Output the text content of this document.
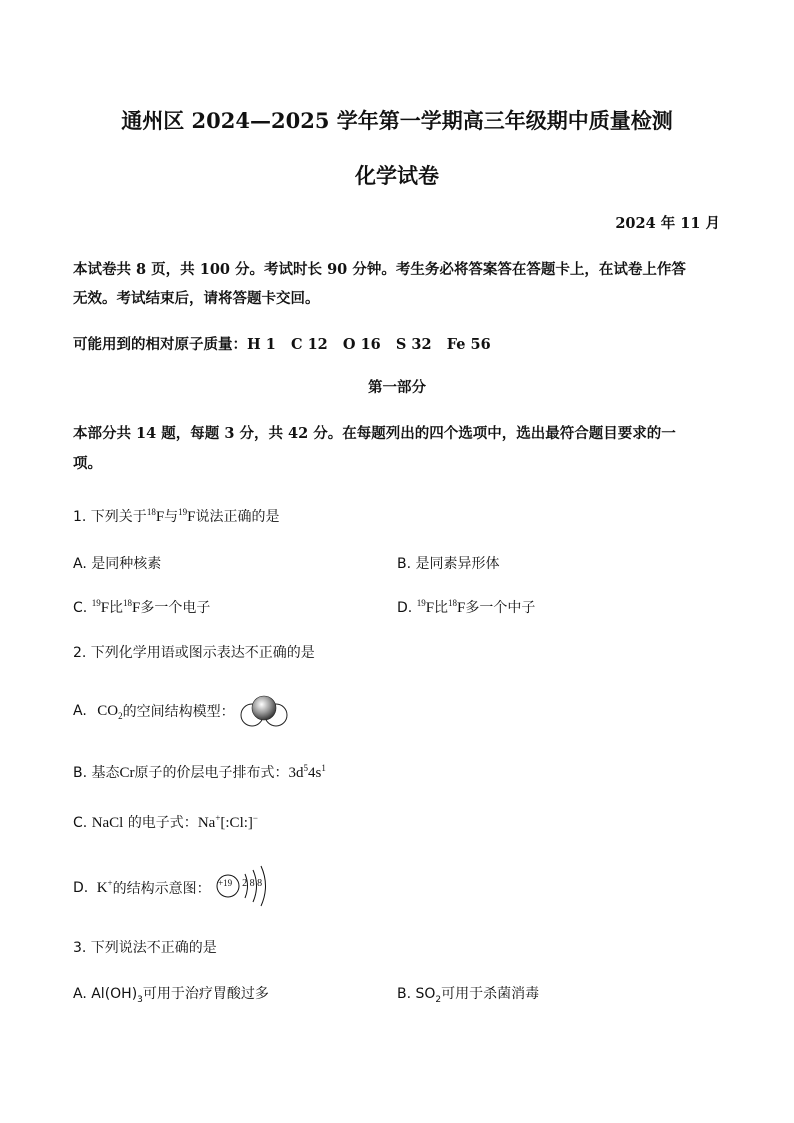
通州区 2024—2025 学年第一学期高三年级期中质量检测
化学试卷
2024 年 11 月
本试卷共 8 页，共 100 分。考试时长 90 分钟。考生务必将答案答在答题卡上，在试卷上作答
无效。考试结束后，请将答题卡交回。
可能用到的相对原子质量：H 1   C 12   O 16   S 32   Fe 56
第一部分
本部分共 14 题，每题 3 分，共 42 分。在每题列出的四个选项中，选出最符合题目要求的一
项。
1. 下列关于$^{18}$F与$^{19}$F说法正确的是
A. 是同种核素	B. 是同素异形体
C. $^{19}$F比$^{18}$F多一个电子	D. $^{19}$F比$^{18}$F多一个中子
2. 下列化学用语或图示表达不正确的是
A. $CO_2$的空间结构模型：
B. 基态Cr原子的价层电子排布式：$3d^54s^1$
C. NaCl 的电子式：Na+[:Cl:]−
D. K+的结构示意图： +19 2 8 8
3. 下列说法不正确的是
A. $Al(OH)_3$可用于治疗胃酸过多	B. $SO_2$可用于杀菌消毒
